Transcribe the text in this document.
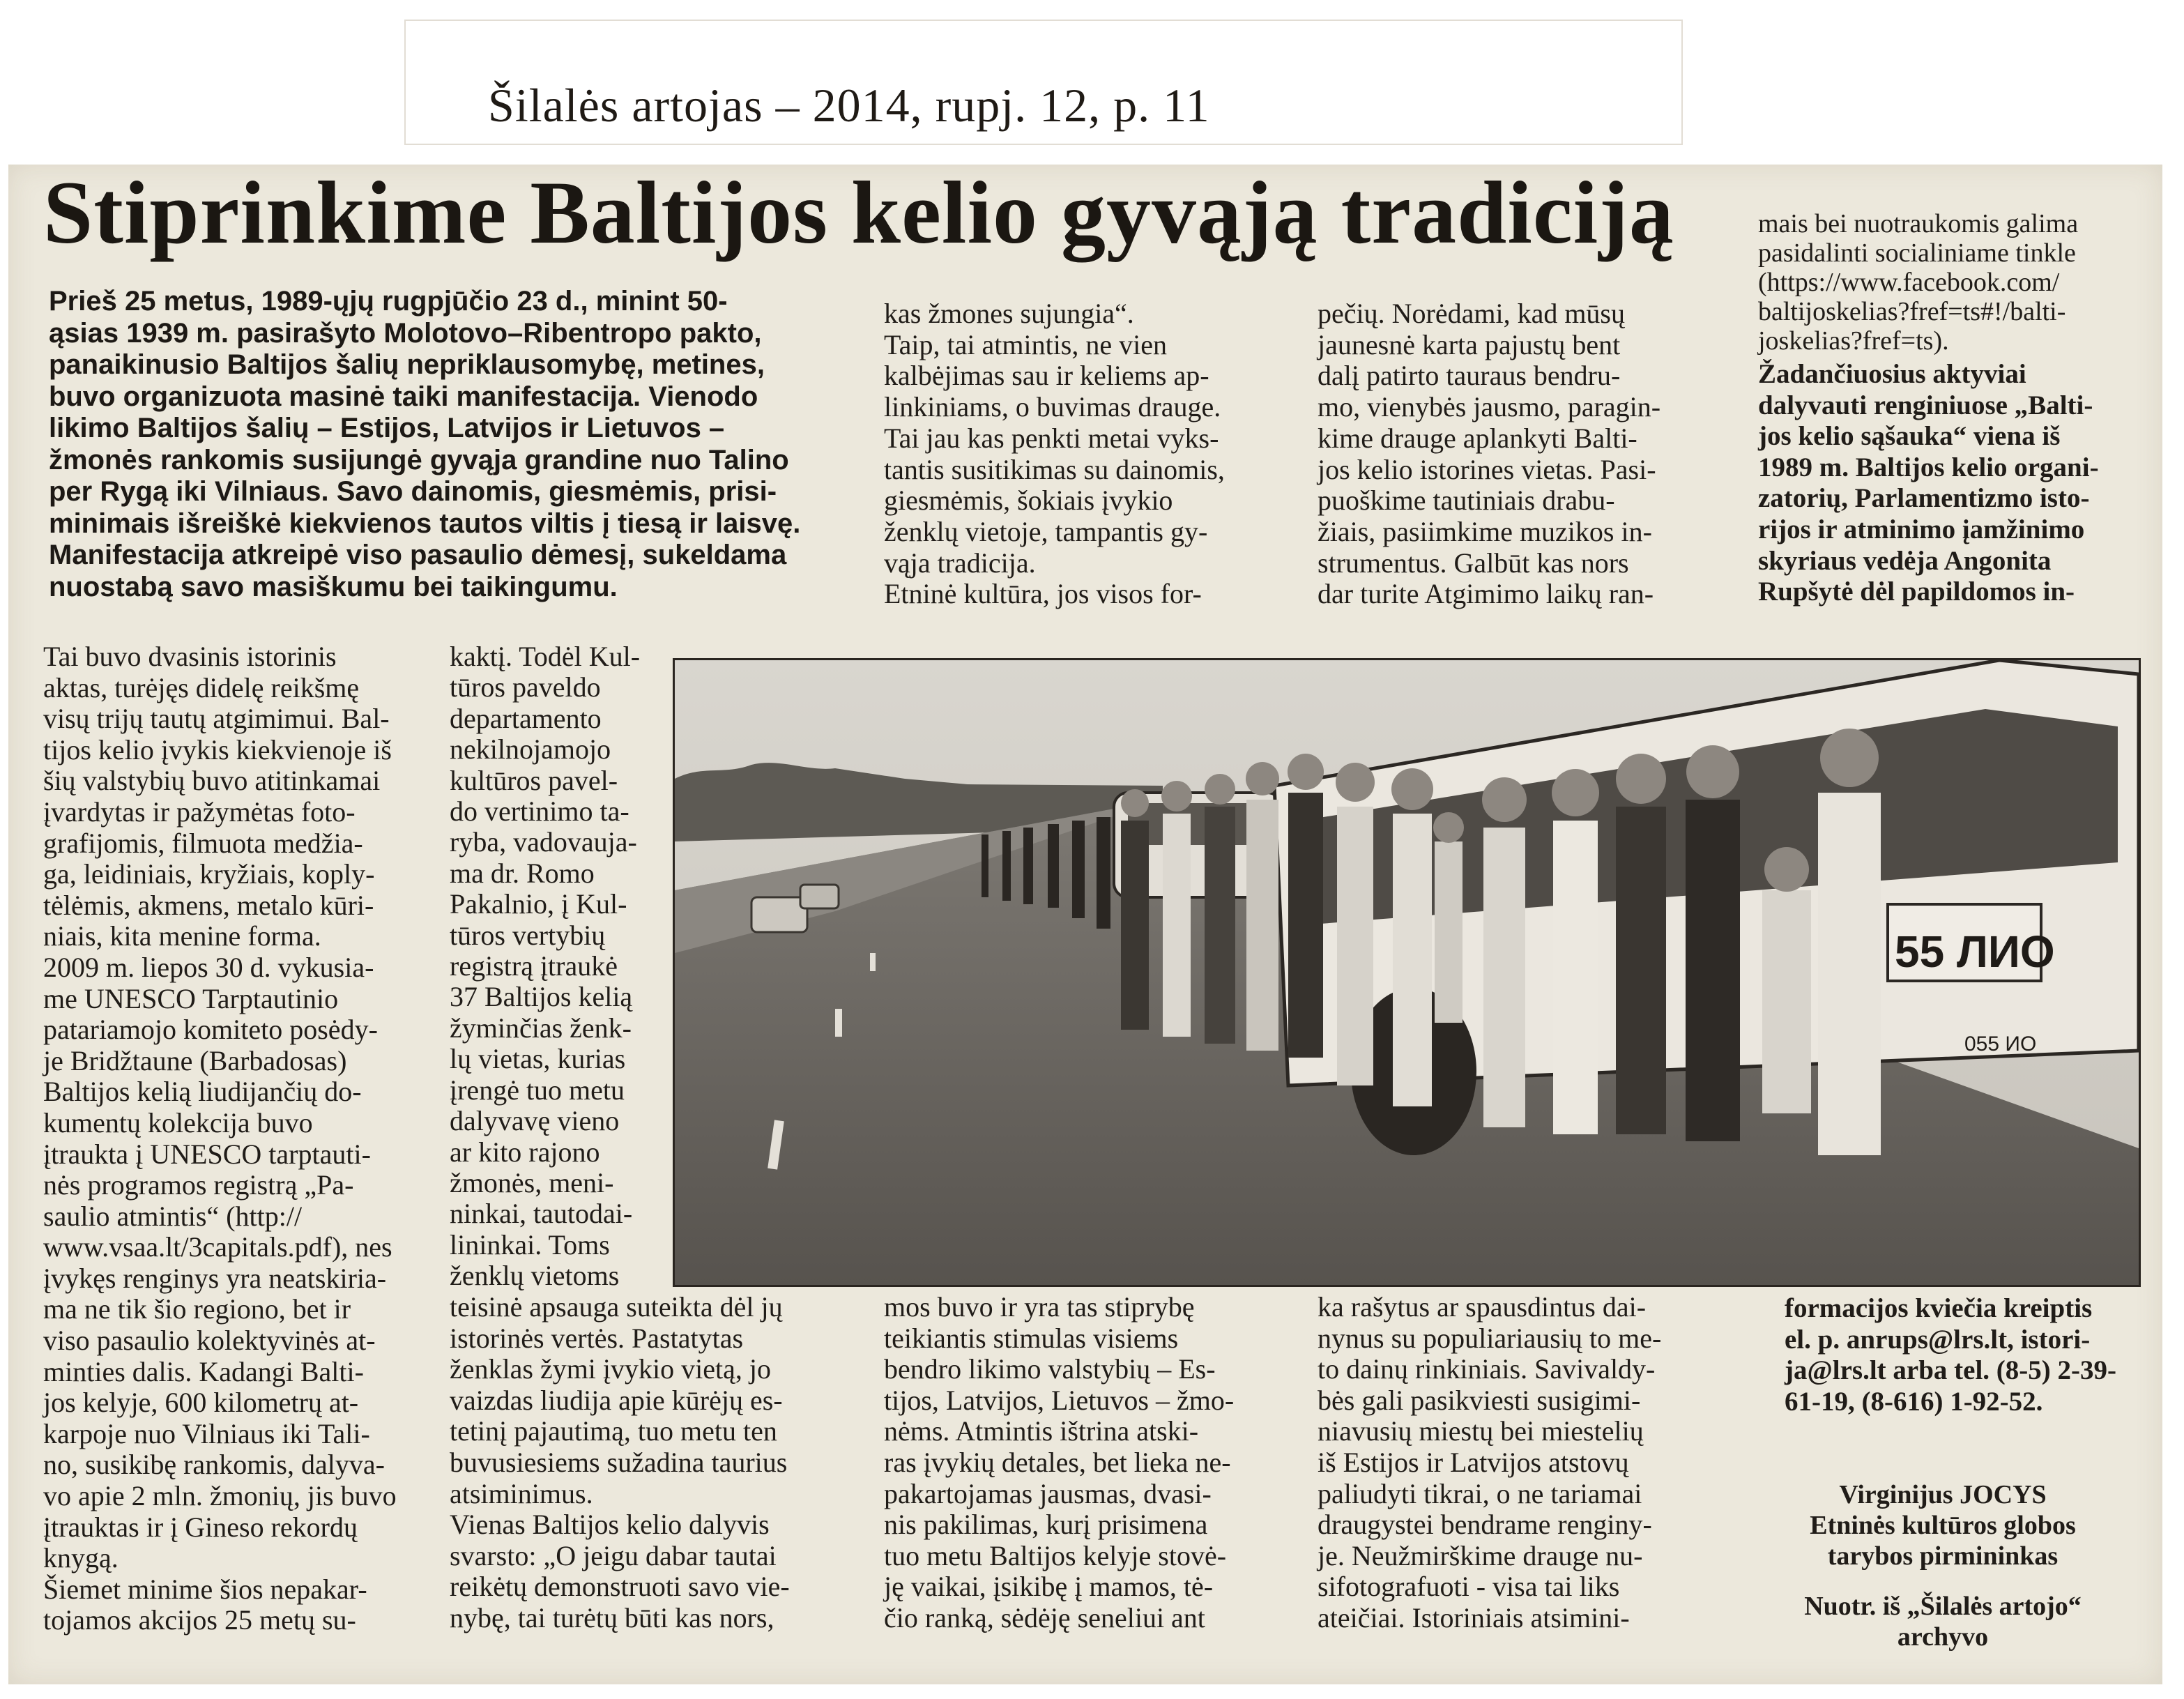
Šilalės artojas – 2014, rupj. 12, p. 11
Stiprinkime Baltijos kelio gyvąją tradiciją

Prieš 25 metus, 1989-ųjų rugpjūčio 23 d., minint 50-

ąsias 1939 m. pasirašyto Molotovo–Ribentropo pakto,

panaikinusio Baltijos šalių nepriklausomybę, metines,

buvo organizuota masinė taiki manifestacija. Vienodo

likimo Baltijos šalių – Estijos, Latvijos ir Lietuvos –

žmonės rankomis susijungė gyvąja grandine nuo Talino

per Rygą iki Vilniaus. Savo dainomis, giesmėmis, prisi-

minimais išreiškė kiekvienos tautos viltis į tiesą ir laisvę.

Manifestacija atkreipė viso pasaulio dėmesį, sukeldama

nuostabą savo masiškumu bei taikingumu.

Tai buvo dvasinis istorinis

aktas, turėjęs didelę reikšmę

visų trijų tautų atgimimui. Bal-

tijos kelio įvykis kiekvienoje iš

šių valstybių buvo atitinkamai

įvardytas ir pažymėtas foto-

grafijomis, filmuota medžia-

ga, leidiniais, kryžiais, koply-

tėlėmis, akmens, metalo kūri-

niais, kita menine forma.

2009 m. liepos 30 d. vykusia-

me UNESCO Tarptautinio

patariamojo komiteto posėdy-

je Bridžtaune (Barbadosas)

Baltijos kelią liudijančių do-

kumentų kolekcija buvo

įtraukta į UNESCO tarptauti-

nės programos registrą „Pa-

saulio atmintis“ (http://

www.vsaa.lt/3capitals.pdf), nes

įvykęs renginys yra neatskiria-

ma ne tik šio regiono, bet ir

viso pasaulio kolektyvinės at-

minties dalis. Kadangi Balti-

jos kelyje, 600 kilometrų at-

karpoje nuo Vilniaus iki Tali-

no, susikibę rankomis, dalyva-

vo apie 2 mln. žmonių, jis buvo

įtrauktas ir į Gineso rekordų

knygą.

Šiemet minime šios nepakar-

tojamos akcijos 25 metų su-

kaktį. Todėl Kul-

tūros paveldo

departamento

nekilnojamojo

kultūros pavel-

do vertinimo ta-

ryba, vadovauja-

ma dr. Romo

Pakalnio, į Kul-

tūros vertybių

registrą įtraukė

37 Baltijos kelią

žyminčias ženk-

lų vietas, kurias

įrengė tuo metu

dalyvavę vieno

ar kito rajono

žmonės, meni-

ninkai, tautodai-

lininkai. Toms

ženklų vietoms

teisinė apsauga suteikta dėl jų

istorinės vertės. Pastatytas

ženklas žymi įvykio vietą, jo

vaizdas liudija apie kūrėjų es-

tetinį pajautimą, tuo metu ten

buvusiesiems sužadina taurius

atsiminimus.

Vienas Baltijos kelio dalyvis

svarsto: „O jeigu dabar tautai

reikėtų demonstruoti savo vie-

nybę, tai turėtų būti kas nors,

kas žmones sujungia“.

Taip, tai atmintis, ne vien

kalbėjimas sau ir keliems ap-

linkiniams, o buvimas drauge.

Tai jau kas penkti metai vyks-

tantis susitikimas su dainomis,

giesmėmis, šokiais įvykio

ženklų vietoje, tampantis gy-

vąja tradicija.

Etninė kultūra, jos visos for-

mos buvo ir yra tas stiprybę

teikiantis stimulas visiems

bendro likimo valstybių – Es-

tijos, Latvijos, Lietuvos – žmo-

nėms. Atmintis ištrina atski-

ras įvykių detales, bet lieka ne-

pakartojamas jausmas, dvasi-

nis pakilimas, kurį prisimena

tuo metu Baltijos kelyje stovė-

ję vaikai, įsikibę į mamos, tė-

čio ranką, sėdėję seneliui ant

pečių. Norėdami, kad mūsų

jaunesnė karta pajustų bent

dalį patirto taurаus bendru-

mo, vienybės jausmo, paragin-

kime drauge aplankyti Balti-

jos kelio istorines vietas. Pasi-

puoškime tautiniais drabu-

žiais, pasiimkime muzikos in-

strumentus. Galbūt kas nors

dar turite Atgimimo laikų ran-

ka rašytus ar spausdintus dai-

nynus su populiariausių to me-

to dainų rinkiniais. Savivaldy-

bės gali pasikviesti susigimi-

niavusių miestų bei miestelių

iš Estijos ir Latvijos atstovų

paliudyti tikrai, o ne tariamai

draugystei bendrame renginy-

je. Neužmirškime drauge nu-

sifotografuoti - visa tai liks

ateičiai. Istoriniais atsimini-

mais bei nuotraukomis galima

pasidalinti socialiniame tinkle

(https://www.facebook.com/

baltijoskelias?fref=ts#!/balti-

joskelias?fref=ts).

Žadančiuosius aktyviai

dalyvauti renginiuose „Balti-

jos kelio sąšauka“ viena iš

1989 m. Baltijos kelio organi-

zatorių, Parlamentizmo isto-

rijos ir atminimo įamžinimo

skyriaus vedėja Angonita

Rupšytė dėl papildomos in-

formacijos kviečia kreiptis

el. p. anrups@lrs.lt, istori-

ja@lrs.lt arba tel. (8-5) 2-39-

61-19, (8-616) 1-92-52.

Virginijus JOCYS
Etninės kultūros globos
tarybos pirmininkas
Nuotr. iš „Šilalės artojo“
archyvo
55 ЛИО
055 ИО
